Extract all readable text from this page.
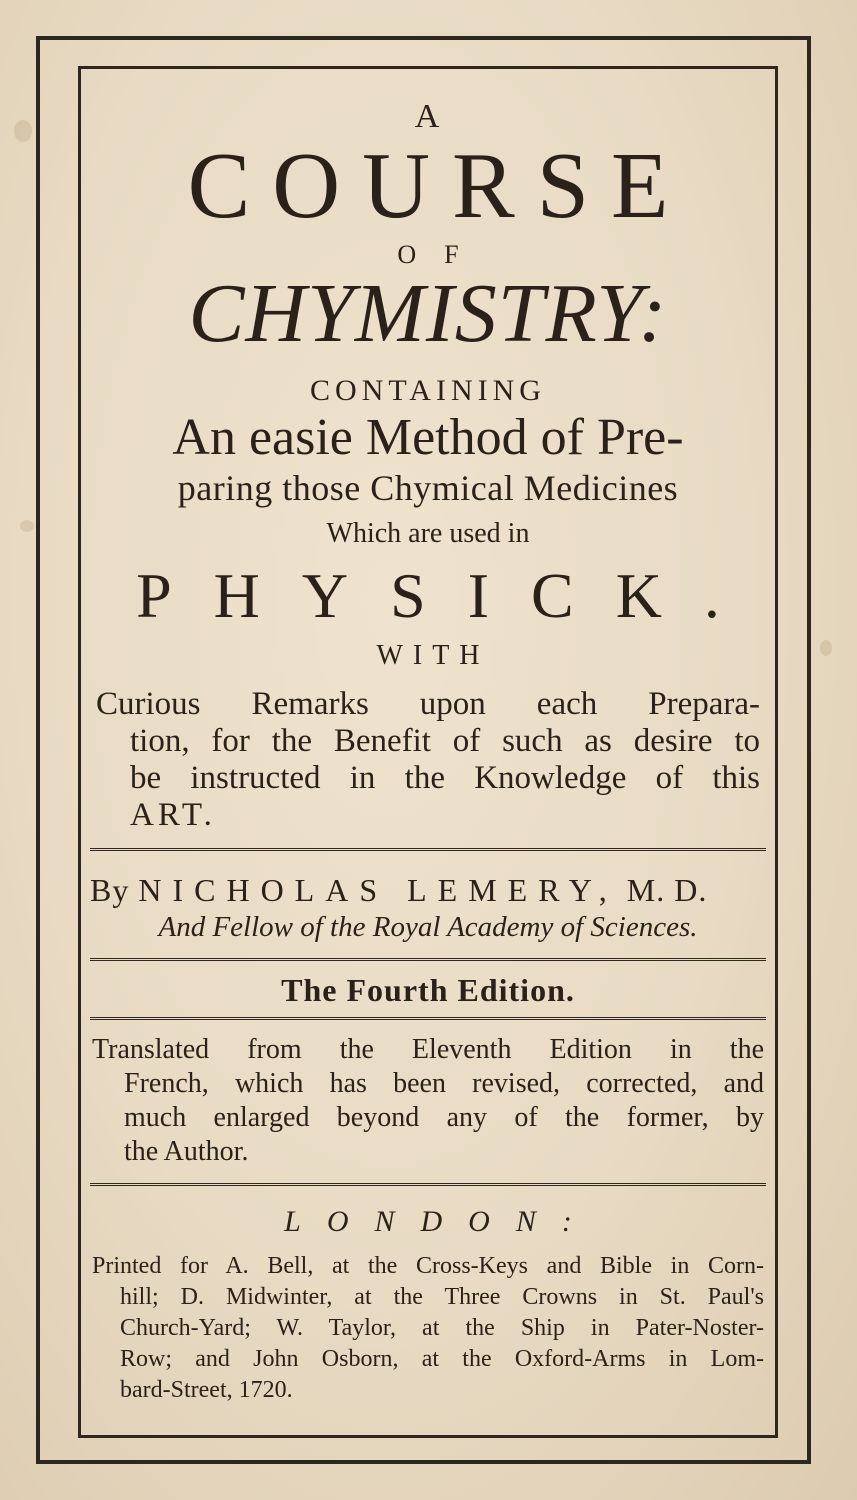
A
COURSE
OF
CHYMISTRY:
CONTAINING
An easie Method of Pre-
paring those Chymical Medicines
Which are used in
PHYSICK.
WITH
Curious Remarks upon each Prepara-
tion, for the Benefit of such as desire to
be instructed in the Knowledge of this
ART.
By NICHOLAS LEMERY, M. D.
And Fellow of the Royal Academy of Sciences.
The Fourth Edition.
Translated from the Eleventh Edition in the
French, which has been revised, corrected, and
much enlarged beyond any of the former, by
the Author.
LONDON:
Printed for A. Bell, at the Cross-Keys and Bible in Corn-
hill; D. Midwinter, at the Three Crowns in St. Paul's
Church-Yard; W. Taylor, at the Ship in Pater-Noster-
Row; and John Osborn, at the Oxford-Arms in Lom-
bard-Street, 1720.
